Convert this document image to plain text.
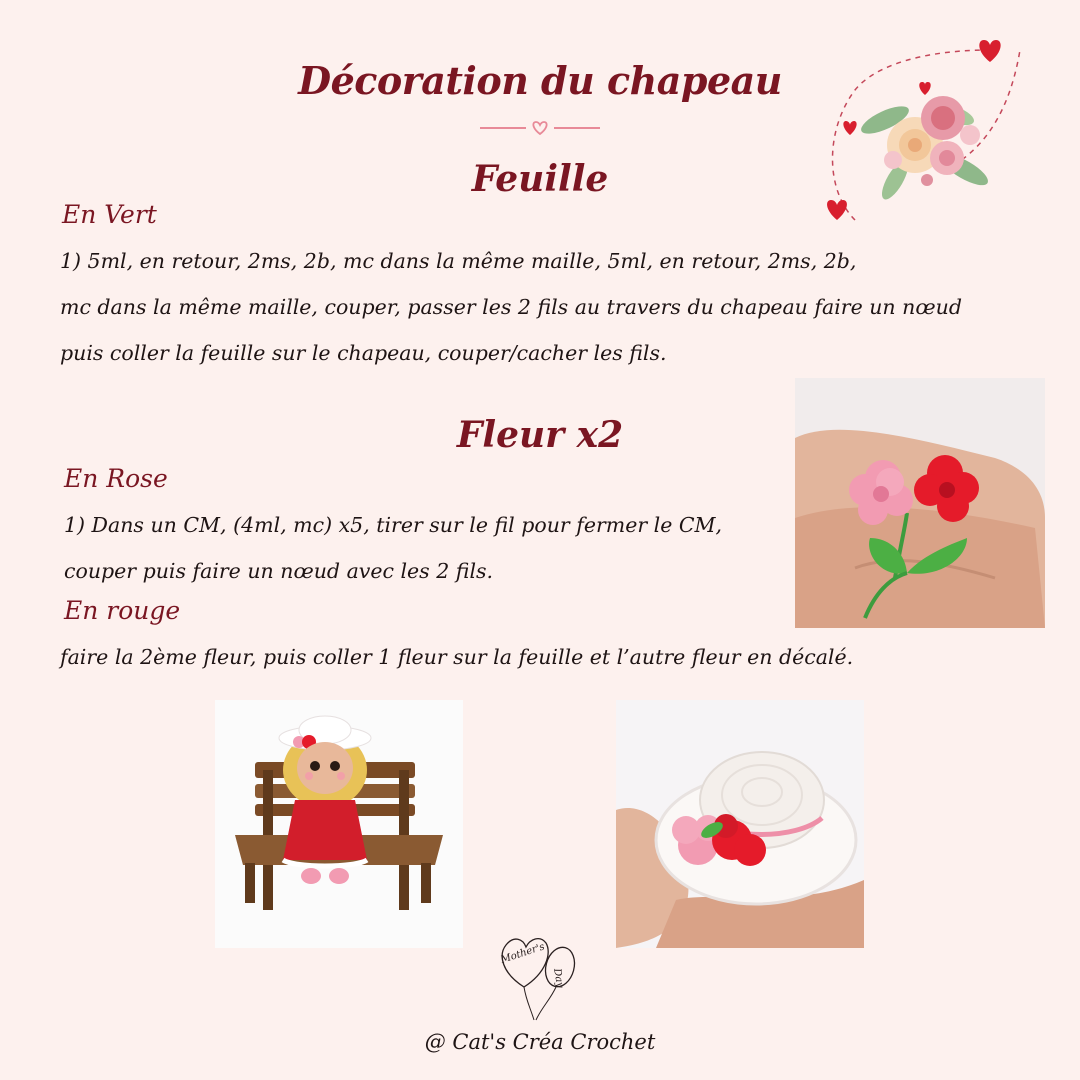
Décoration du chapeau
Feuille
En Vert
1) 5ml, en retour, 2ms, 2b, mc dans la même maille, 5ml, en retour, 2ms, 2b,
mc dans la même maille, couper, passer les 2 fils au travers du chapeau faire un nœud
puis coller la feuille sur le chapeau, couper/cacher les fils.
Fleur x2
En Rose
1) Dans un CM, (4ml, mc) x5, tirer sur le fil pour fermer le CM,
couper puis faire un nœud avec les 2 fils.
En rouge
faire la 2ème fleur, puis coller 1 fleur sur la feuille et l’autre fleur en décalé.
Mother's
Day
@ Cat's Créa Crochet
